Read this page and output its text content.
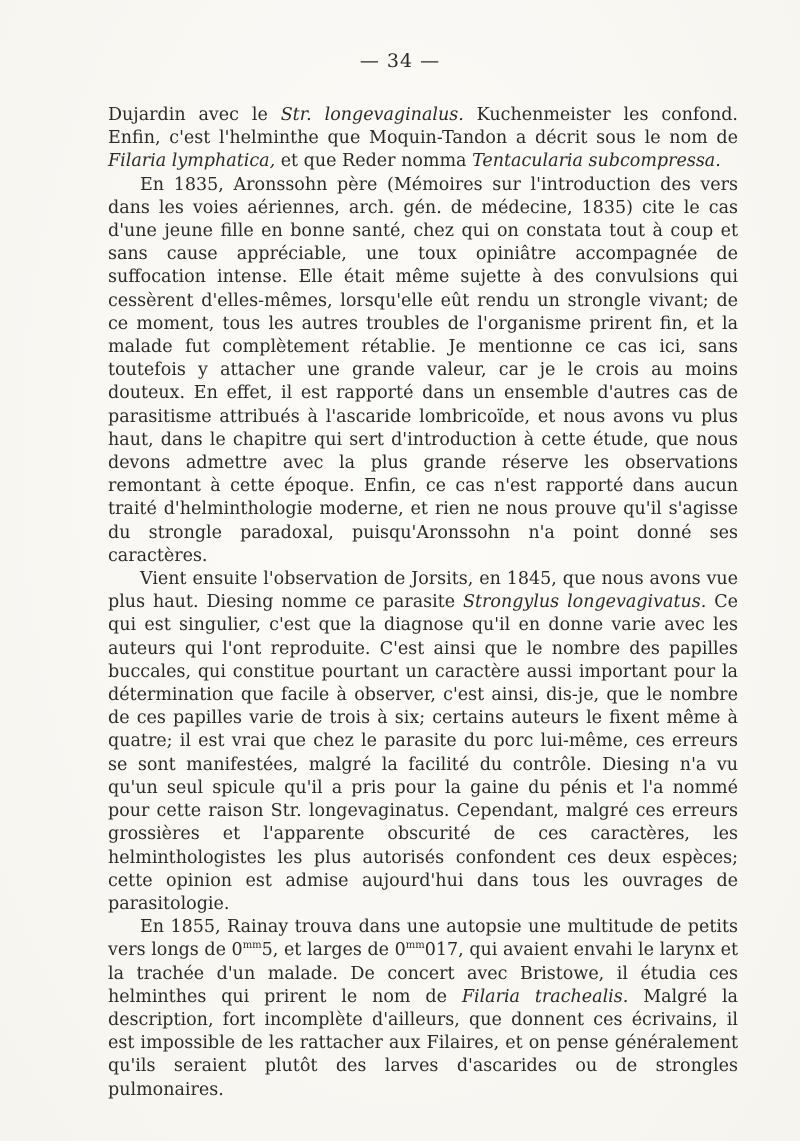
— 34 —

Dujardin avec le Str. longevaginalus. Kuchenmeister les confond. Enfin, c'est l'helminthe que Moquin-Tandon a décrit sous le nom de Filaria lymphatica, et que Reder nomma Tentacularia subcompressa.

En 1835, Aronssohn père (Mémoires sur l'introduction des vers dans les voies aériennes, arch. gén. de médecine, 1835) cite le cas d'une jeune fille en bonne santé, chez qui on constata tout à coup et sans cause appréciable, une toux opiniâtre accompagnée de suffocation intense. Elle était même sujette à des convulsions qui cessèrent d'elles-mêmes, lorsqu'elle eût rendu un strongle vivant; de ce moment, tous les autres troubles de l'organisme prirent fin, et la malade fut complètement rétablie. Je mentionne ce cas ici, sans toutefois y attacher une grande valeur, car je le crois au moins douteux. En effet, il est rapporté dans un ensemble d'autres cas de parasitisme attribués à l'ascaride lombricoïde, et nous avons vu plus haut, dans le chapitre qui sert d'introduction à cette étude, que nous devons admettre avec la plus grande réserve les observations remontant à cette époque. Enfin, ce cas n'est rapporté dans aucun traité d'helminthologie moderne, et rien ne nous prouve qu'il s'agisse du strongle paradoxal, puisqu'Aronssohn n'a point donné ses caractères.

Vient ensuite l'observation de Jorsits, en 1845, que nous avons vue plus haut. Diesing nomme ce parasite Strongylus longevagivatus. Ce qui est singulier, c'est que la diagnose qu'il en donne varie avec les auteurs qui l'ont reproduite. C'est ainsi que le nombre des papilles buccales, qui constitue pourtant un caractère aussi important pour la détermination que facile à observer, c'est ainsi, dis-je, que le nombre de ces papilles varie de trois à six; certains auteurs le fixent même à quatre; il est vrai que chez le parasite du porc lui-même, ces erreurs se sont manifestées, malgré la facilité du contrôle. Diesing n'a vu qu'un seul spicule qu'il a pris pour la gaine du pénis et l'a nommé pour cette raison Str. longevaginatus. Cependant, malgré ces erreurs grossières et l'apparente obscurité de ces caractères, les helminthologistes les plus autorisés confondent ces deux espèces; cette opinion est admise aujourd'hui dans tous les ouvrages de parasitologie.

En 1855, Rainay trouva dans une autopsie une multitude de petits vers longs de $0^{mm}5$, et larges de $0^{mm}017$, qui avaient envahi le larynx et la trachée d'un malade. De concert avec Bristowe, il étudia ces helminthes qui prirent le nom de Filaria trachealis. Malgré la description, fort incomplète d'ailleurs, que donnent ces écrivains, il est impossible de les rattacher aux Filaires, et on pense généralement qu'ils seraient plutôt des larves d'ascarides ou de strongles pulmonaires.
